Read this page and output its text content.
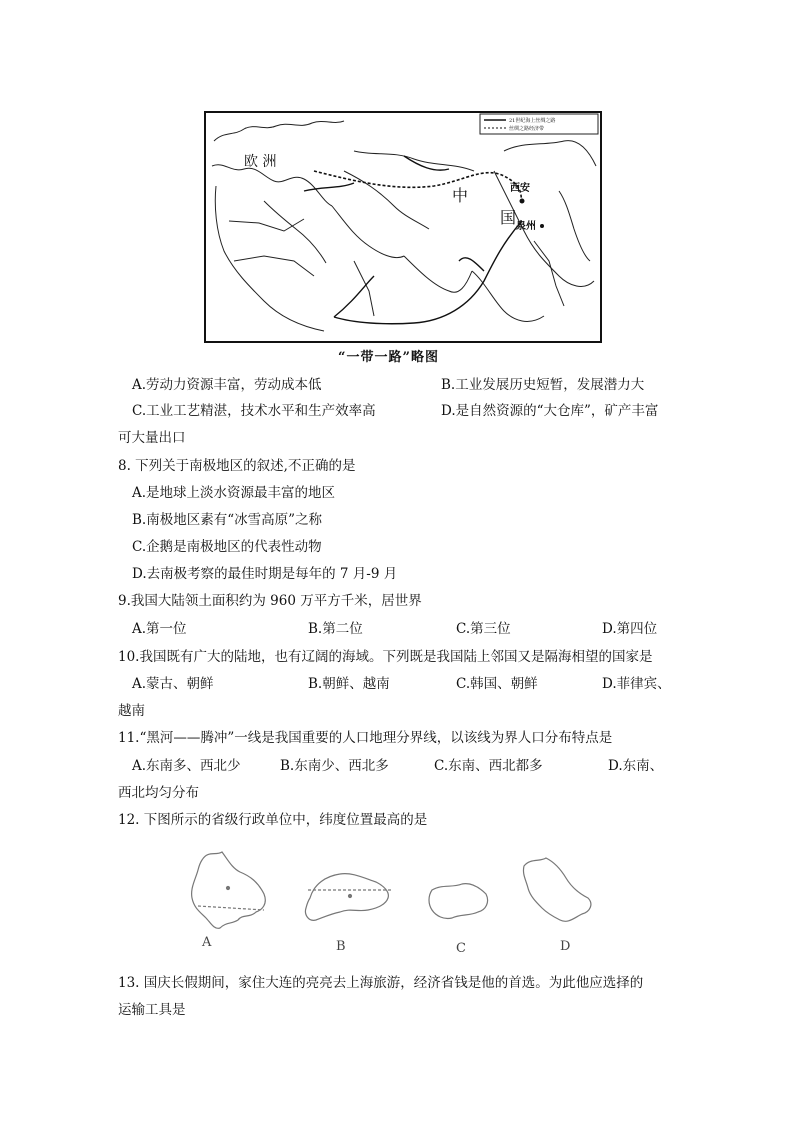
21世纪海上丝绸之路
丝绸之路经济带
欧 洲
中
国
西安
泉州
“一带一路”略图
A.劳动力资源丰富，劳动成本低	B.工业发展历史短暂，发展潜力大
C.工业工艺精湛，技术水平和生产效率高	D.是自然资源的“大仓库”，矿产丰富
可大量出口
8. 下列关于南极地区的叙述,不正确的是
A.是地球上淡水资源最丰富的地区
B.南极地区素有“冰雪高原”之称
C.企鹅是南极地区的代表性动物
D.去南极考察的最佳时期是每年的 7 月-9 月
9.我国大陆领土面积约为 960 万平方千米，居世界
A.第一位	B.第二位	C.第三位	D.第四位
10.我国既有广大的陆地，也有辽阔的海域。下列既是我国陆上邻国又是隔海相望的国家是
A.蒙古、朝鲜	B.朝鲜、越南	C.韩国、朝鲜	D.菲律宾、
越南
11.“黑河——腾冲”一线是我国重要的人口地理分界线，以该线为界人口分布特点是
A.东南多、西北少	B.东南少、西北多	C.东南、西北都多	D.东南、
西北均匀分布
12. 下图所示的省级行政单位中，纬度位置最高的是
A	B	C	D
13. 国庆长假期间，家住大连的亮亮去上海旅游，经济省钱是他的首选。为此他应选择的
运输工具是
